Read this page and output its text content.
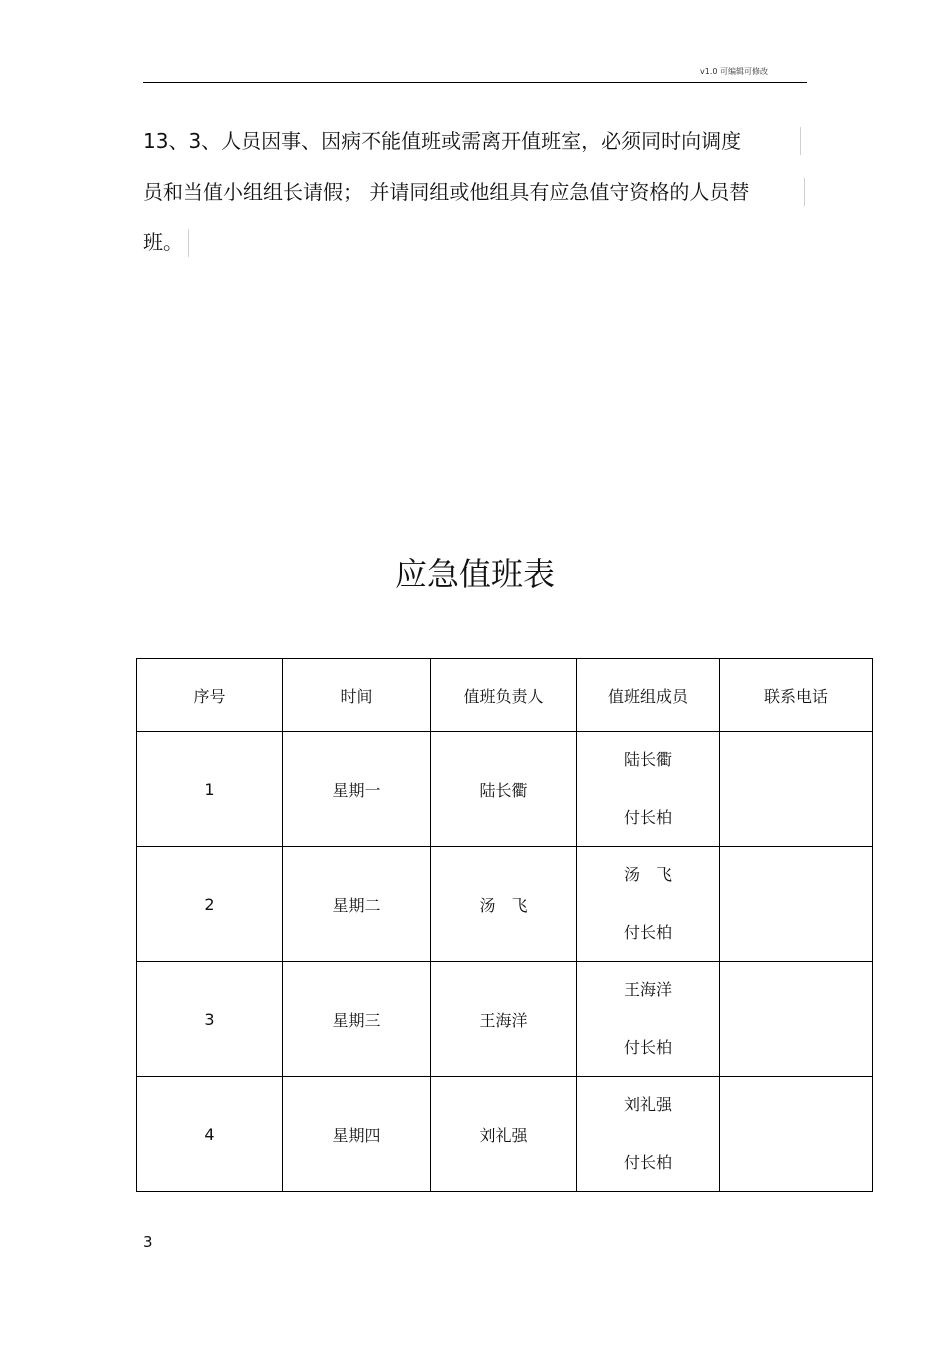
v1.0 可编辑可修改
13、3、人员因事、因病不能值班或需离开值班室，必须同时向调度
员和当值小组组长请假； 并请同组或他组具有应急值守资格的人员替
班。
应急值班表
序号	时间	值班负责人	值班组成员	联系电话
1	星期一	陆长衢	陆长衢
付长柏	

2	星期二	汤　飞	汤　飞
付长柏	

3	星期三	王海洋	王海洋
付长柏	

4	星期四	刘礼强	刘礼强
付长柏	

3
